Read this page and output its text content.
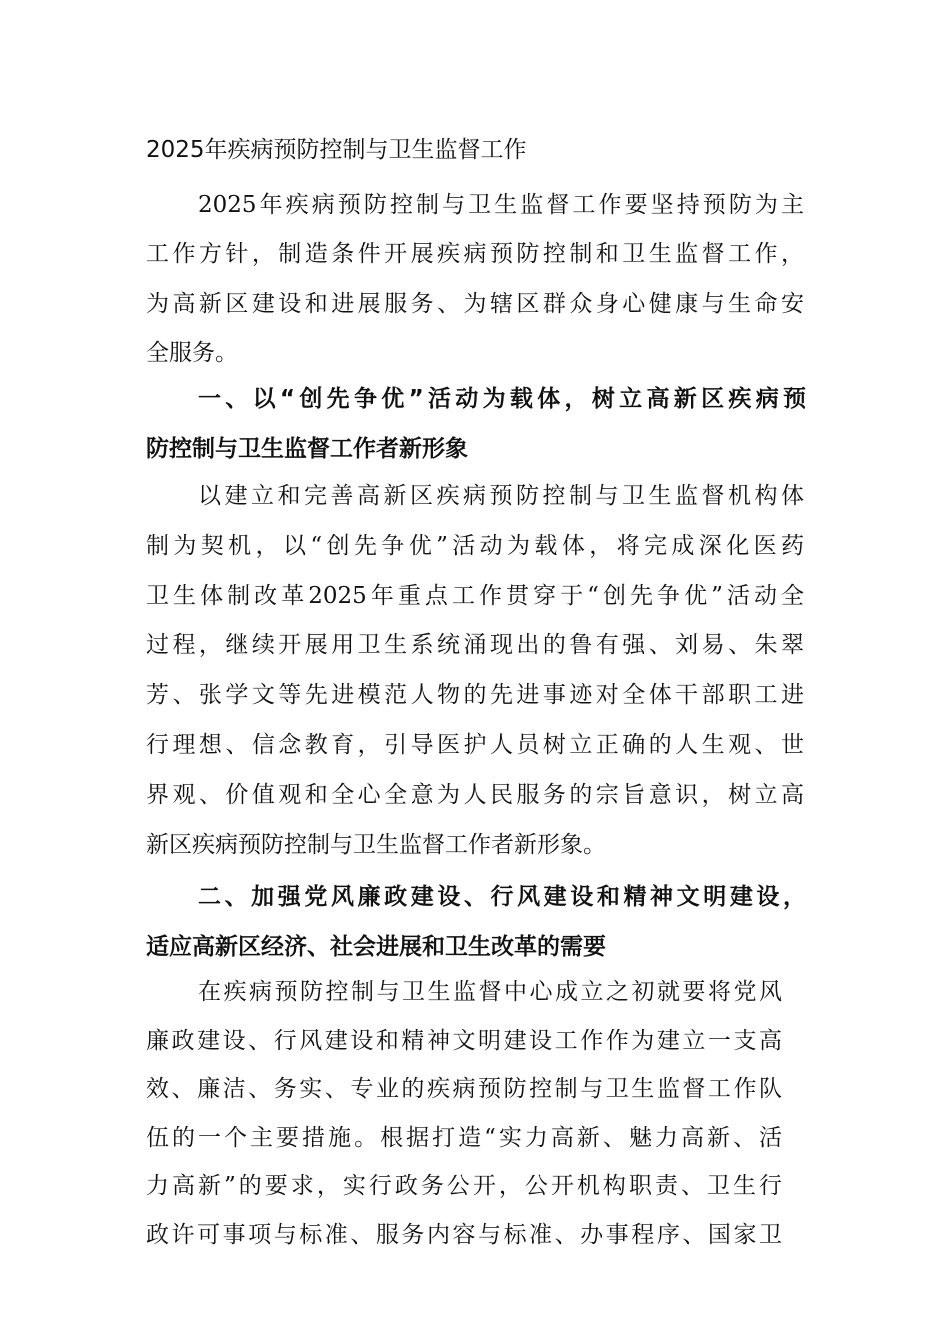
2025年疾病预防控制与卫生监督工作
2025年疾病预防控制与卫生监督工作要坚持预防为主
工作方针，制造条件开展疾病预防控制和卫生监督工作，
为高新区建设和进展服务、为辖区群众身心健康与生命安
全服务。
一、以“创先争优”活动为载体，树立高新区疾病预
防控制与卫生监督工作者新形象
以建立和完善高新区疾病预防控制与卫生监督机构体
制为契机，以“创先争优”活动为载体，将完成深化医药
卫生体制改革2025年重点工作贯穿于“创先争优”活动全
过程，继续开展用卫生系统涌现出的鲁有强、刘易、朱翠
芳、张学文等先进模范人物的先进事迹对全体干部职工进
行理想、信念教育，引导医护人员树立正确的人生观、世
界观、价值观和全心全意为人民服务的宗旨意识，树立高
新区疾病预防控制与卫生监督工作者新形象。
二、加强党风廉政建设、行风建设和精神文明建设，
适应高新区经济、社会进展和卫生改革的需要
在疾病预防控制与卫生监督中心成立之初就要将党风
廉政建设、行风建设和精神文明建设工作作为建立一支高
效、廉洁、务实、专业的疾病预防控制与卫生监督工作队
伍的一个主要措施。根据打造“实力高新、魅力高新、活
力高新”的要求，实行政务公开，公开机构职责、卫生行
政许可事项与标准、服务内容与标准、办事程序、国家卫
